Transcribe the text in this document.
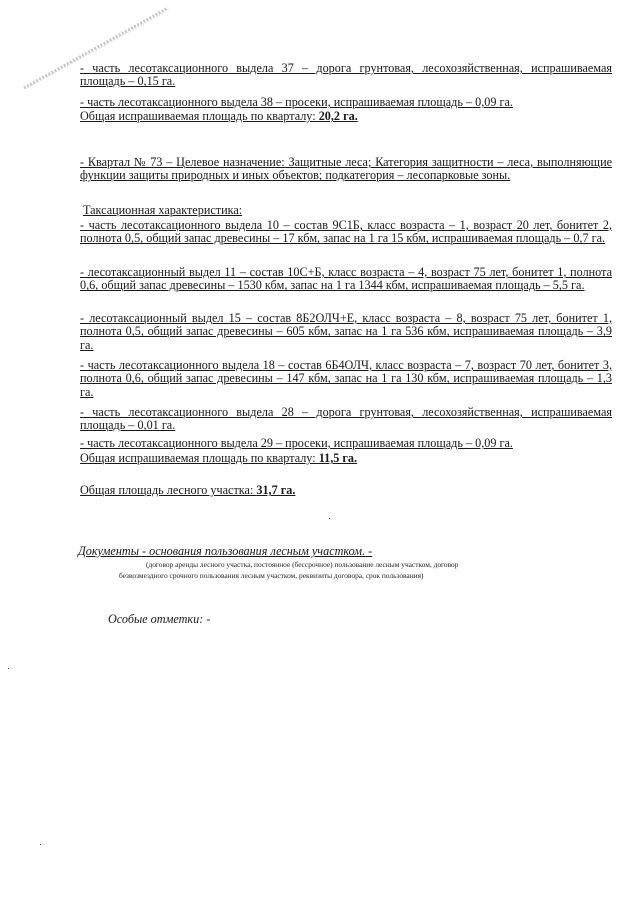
- часть лесотаксационного выдела 37 – дорога грунтовая, лесохозяйственная, испрашиваемая площадь – 0,15 га.
- часть лесотаксационного выдела 38 – просеки, испрашиваемая площадь – 0,09 га.
Общая испрашиваемая площадь по кварталу: 20,2 га.
- Квартал № 73 – Целевое назначение: Защитные леса; Категория защитности – леса, выполняющие функции защиты природных и иных объектов; подкатегория – лесопарковые зоны.
Таксационная характеристика:
- часть лесотаксационного выдела 10 – состав 9С1Б, класс возраста – 1, возраст 20 лет, бонитет 2, полнота 0,5, общий запас древесины – 17 кбм, запас на 1 га 15 кбм, испрашиваемая площадь – 0,7 га.
- лесотаксационный выдел 11 – состав 10С+Б, класс возраста – 4, возраст 75 лет, бонитет 1, полнота 0,6, общий запас древесины – 1530 кбм, запас на 1 га 1344 кбм, испрашиваемая площадь – 5,5 га.
- лесотаксационный выдел 15 – состав 8Б2ОЛЧ+Е, класс возраста – 8, возраст 75 лет, бонитет 1, полнота 0,5, общий запас древесины – 605 кбм, запас на 1 га 536 кбм, испрашиваемая площадь – 3,9 га.
- часть лесотаксационного выдела 18 – состав 6Б4ОЛЧ, класс возраста – 7, возраст 70 лет, бонитет 3, полнота 0,6, общий запас древесины – 147 кбм, запас на 1 га 130 кбм, испрашиваемая площадь – 1,3 га.
- часть лесотаксационного выдела 28 – дорога грунтовая, лесохозяйственная, испрашиваемая площадь – 0,01 га.
- часть лесотаксационного выдела 29 – просеки, испрашиваемая площадь – 0,09 га.
Общая испрашиваемая площадь по кварталу: 11,5 га.
Общая площадь лесного участка: 31,7 га.
Документы - основания пользования лесным участком. -
(договор аренды лесного участка, постоянное (бессрочное) пользование лесным участком, договор
безвозмездного срочного пользования лесным участком, реквизиты договора, срок пользования)
Особые отметки: -
